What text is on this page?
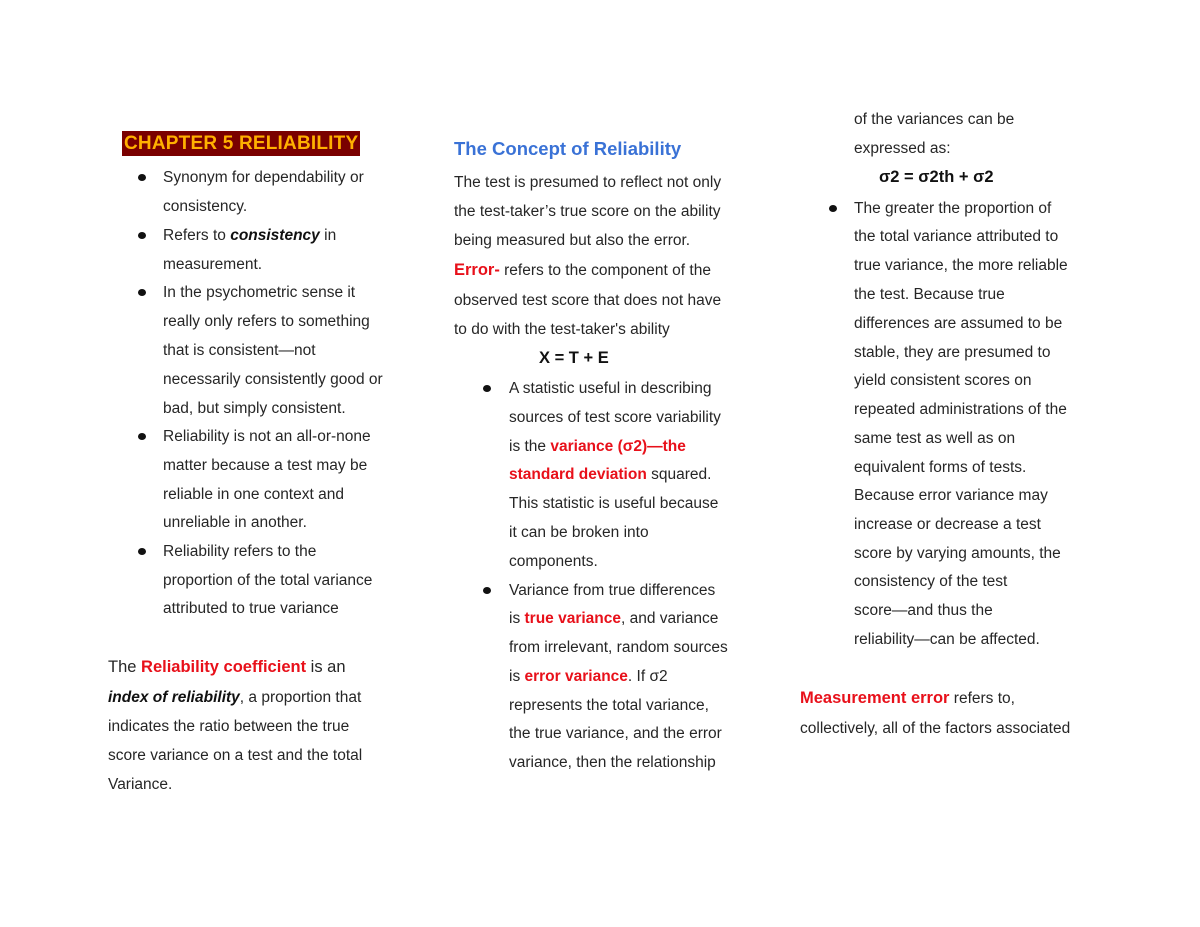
CHAPTER 5 RELIABILITY
Synonym for dependability or
consistency.
Refers to consistency in
measurement.
In the psychometric sense it
really only refers to something
that is consistent—not
necessarily consistently good or
bad, but simply consistent.
Reliability is not an all-or-none
matter because a test may be
reliable in one context and
unreliable in another.
Reliability refers to the
proportion of the total variance
attributed to true variance
The Reliability coefficient is an
index of reliability, a proportion that
indicates the ratio between the true
score variance on a test and the total
Variance.
The Concept of Reliability
The test is presumed to reflect not only
the test-taker’s true score on the ability
being measured but also the error.
Error- refers to the component of the
observed test score that does not have
to do with the test-taker's ability
X = T + E
A statistic useful in describing
sources of test score variability
is the variance (σ2)—the
standard deviation squared.
This statistic is useful because
it can be broken into
components.
Variance from true differences
is true variance, and variance
from irrelevant, random sources
is error variance. If σ2
represents the total variance,
the true variance, and the error
variance, then the relationship
of the variances can be
expressed as:
σ2 = σ2th + σ2
The greater the proportion of
the total variance attributed to
true variance, the more reliable
the test. Because true
differences are assumed to be
stable, they are presumed to
yield consistent scores on
repeated administrations of the
same test as well as on
equivalent forms of tests.
Because error variance may
increase or decrease a test
score by varying amounts, the
consistency of the test
score—and thus the
reliability—can be affected.
Measurement error refers to,
collectively, all of the factors associated
